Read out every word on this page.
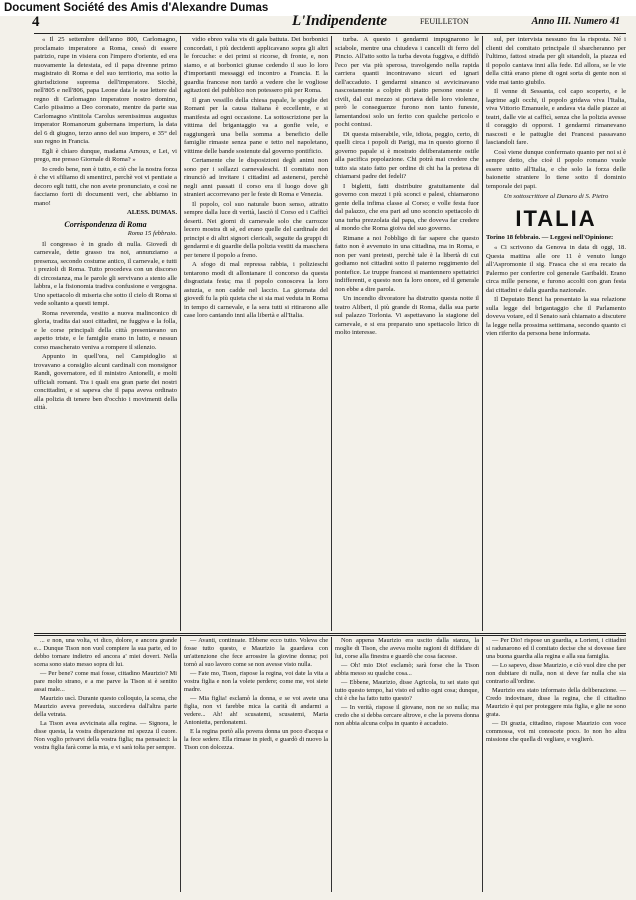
Document Société des Amis d'Alexandre Dumas
4	L'Indipendente	FEUILLETON	Anno III. Numero 41

« Il 25 settembre dell'anno 800, Carlomagno, proclamato imperatore a Roma, cessò di essere patrizio, rupe in visiera con l'impero d'oriente, ed era nuovamente la detestata, ed il papa divenne primo magistrato di Roma e del suo territorio, ma sotto la giurisdizione suprema dell'imperatore. Sicchè, nell'805 e nell'806, papa Leone data le sue lettere dal regno di Carlomagno imperatore nostro domino, Carlo piissimo a Deo coronato, mentre da parte sua Carlomagno s'intitola Carolus serenissimus augustus imperator Romanorum gubernans imperium, la data del 6 di giugno, terzo anno del suo impero, e 35° del suo regno in Francia.

Egli è chiaro dunque, madama Arnoux, e Lei, vi prego, me presso Giornale di Roma? »

Io credo bene, non è tutto, e ciò che la nostra forza è che vi sfiliamo di smentirci, perchè voi vi pentiate a decoro egli tutti, che non avete pronunciato, e così ne facciamo forti di documenti veri, che abbiamo in mano!

ALESS. DUMAS.
Corrispondenza di Roma
Roma 15 febbraio.

Il congresso è in grado di nulla. Giovedì di carnevale, dette grasso tra noi, annunziamo a presenza, secondo costume antico, il carnevale, e tutti i prezioli di Roma. Tutto procedeva con un discorso di circostanza, ma le parole gli servivano a stento alle labbra, e la fisionomia tradiva confusione e vergogna. Uno spettacolo di miseria che sotto il cielo di Roma si vede soltanto a questi tempi.

Roma reverenda, vestito a nuova malinconico di gloria, tradita dai suoi cittadini, ne fuggiva e la folla, e le corse principali della città presentavano un aspetto triste, e le famiglie erano in lutto, e nessun corso mascherato veniva a rompere il silenzio.

Appunto in quell'ora, nel Campidoglio si trovavano a consiglio alcuni cardinali con monsignor Randi, governatore, ed il ministro Antonelli, e molti ufficiali romani. Tra i quali era gran parte dei nostri concittadini, e si sapeva che il papa aveva ordinato alla polizia di tenere ben d'occhio i movimenti della città.

vidio ebreo valia vis di gala battuta. Dei borbonici concordati, i più decidenti applicavano sopra gli altri le forcuche: e dei primi si ricorse, di fronte, e, non siamo, e ai borbonici giunse cedendo il suo lo loro d'importanti messaggi ed incontro a Francia. E la guardia francese non tardò a vedere che le vogliose agitazioni del pubblico non potessero più per Roma.

Il gran vessillo della chiesa papale, le spoglie dei Romani per la causa italiana è eccellente, e si manifesta ad ogni occasione. La sottoscrizione per la vittima del brigantaggio va a gonfie vele, e raggiungerà una bella somma a beneficio delle famiglie rimaste senza pane e tetto nel napoletano, vittime delle bande sostenute dal governo pontificio.

Certamente che le disposizioni degli animi non sono per i sollazzi carnevaleschi. Il comitato non rinunciò ad invitare i cittadini ad astenersi, perchè negli anni passati il corso era il luogo dove gli stranieri accorrevano per le feste di Roma e Venezia.

Il popolo, col suo naturale buon senso, attratto sempre dalla luce di verità, lasciò il Corso ed i Cafficì deserti. Nei giorni di carnevale solo che carrozze lecero mostra di sè, ed erano quelle del cardinale dei principi e di altri signori clericali, seguite da gruppi di gendarmi e di guardie della polizia vestiti da maschera per tenere il popolo a freno.

A sfogo di mal repressa rabbia, i polizieschi tentarono modi di allontanare il concorso da questa disgraziata festa; ma il popolo conosceva la loro astuzia, e non cadde nel laccio. La giornata del giovedì fu la più quieta che si sia mai veduta in Roma in tempo di carnevale, e la sera tutti si ritirarono alle case loro cantando inni alla libertà e all'Italia.

turba. A questo i gendarmi impugnarono le sciabole, mentre una chiudeva i cancelli di ferro del Pincio. All'atto sotto la turba devota fuggiva, e diffidò l'eco per via più sperosa, travolgendo nella rapida carriera quanti incontravano sicuri ed ignari dell'accaduto. I gendarmi sinanco si avvicinavano nascostamente a colpire di piatto persone oneste e civili, dal cui mezzo si portava delle loro violenze, però le conseguenze furono non tanto funeste, lamentandosi solo un ferito con qualche pericolo e pochi contusi.

Di questa miserabile, vile, idiota, peggio, certo, di quelli circa i popoli di Parigi, ma in questo giorno il governo papale si è mostrato deliberatamente ostile alla pacifica popolazione. Chi potrà mai credere che tutto sia stato fatto per ordine di chi ha la pretesa di chiamarsi padre dei fedeli?

I bigletti, fatti distribuire gratuitamente dal governo con mezzi i più sconci e palesi, chiamarono gente della infima classe al Corso; e volle festa fuor dal palazzo, che era pari ad uno sconcio spettacolo di una turba prezzolata dal papa, che doveva far credere al mondo che Roma gioiva del suo governo.

Rimane a noi l'obbligo di far sapere che questo fatto non è avvenuto in una cittadina, ma in Roma, e non per vani pretesti, perchè tale è la libertà di cui godiamo noi cittadini sotto il paterno reggimento del pontefice. Le truppe francesi si mantennero spettatrici indifferenti, e questo non fa loro onore, ed il generale non ebbe a dire parola.

Un incendio divoratore ha distrutto questa notte il teatro Alibert, il più grande di Roma, dalla sua parte sul palazzo Torlonia. Vi aspettavano la stagione del carnevale, e si era preparato uno spettacolo lirico di molto interesse.

sul, per intervista nessuno fra la risposta. Né i clienti del comitato principale il sbarcheranno per l'ultimo, fattosi strada per gli sitandoli, la piazza ed il popolo cantava inni alla fede. Ed allora, se le vie della città erano piene di ogni sorta di gente non si vide mai tanto giubilo.

Il venne di Sessanta, col capo scoperto, e le lagrime agli occhi, il popolo gridava viva l'Italia, viva Vittorio Emanuele, e andava via dalle piazze ai teatri, dalle vie ai cafficì, senza che la polizia avesse il coraggio di opporsi. I gendarmi rimanevano nascosti e le pattuglie dei Francesi passavano lasciandoli fare.

Così viene dunque confermato quanto per noi si è sempre detto, che cioè il popolo romano vuole essere unito all'Italia, e che solo la forza delle baionette straniere lo tiene sotto il dominio temporale dei papi.

Un sottoscrittore al Danaro di S. Pietro
ITALIA
Torino 18 febbraio. — Leggesi nell'Opinione:

« Ci scrivono da Genova in data di oggi, 18. Questa mattina alle ore 11 è venuto lungo all'Aspromonte il sig. Frasca che si era recato da Palermo per conferire col generale Garibaldi. Erano circa mille persone, e furono accolti con gran festa dai cittadini e dalla guardia nazionale.

Il Deputato Benci ha presentato la sua relazione sulla legge del brigantaggio che il Parlamento doveva votare, ed il Senato sarà chiamato a discutere la legge nella prossima settimana, secondo quanto ci vien riferito da persona bene informata.

... e non, una volta, vi dico, dolore, e ancora grande e... Dunque Tison non vuol compiere la sua parte, ed io debbo tornare indietro ed ancora a' miei doveri. Nella scena sono stato messo sopra di lui.

— Per bene? come mai fosse, cittadino Maurizio? Mi pare molto strano, e a me parve la Tison si è sentito assai male...

Maurizio uscì. Durante questo colloquio, la scena, che Maurizio aveva preveduta, succedeva dall'altra parte della vetrata.

La Tison avea avvicinata alla regina. — Signora, le disse questa, la vostra disperazione mi spezza il cuore. Non voglio privarvi della vostra figlia; ma pensateci: la vostra figlia farà come la mia, e vi sarà tolta per sempre.

— Avanti, continuate. Ebbene ecco tutto. Voleva che fosse tutto questo, e Maurizio la guardava con un'attenzione che fece arrossire la giovine donna; poi tornò al suo lavoro come se non avesse visto nulla.

— Fate mo, Tison, rispose la regina, voi date la vita a vostra figlia e non la volete perdere; come me, voi siete madre.

— Mia figlia! esclamò la donna, e se voi avete una figlia, non vi farebbe mica la carità di andarmi a vedere... Ah! ah! scusatemi, scusatemi, Maria Antonietta, perdonatemi.

E la regina portò alla povera donna un poco d'acqua e la fece sedere. Ella rimase in piedi, e guardò di nuovo la Tison con dolcezza.

Non appena Maurizio era uscito dalla stanza, la moglie di Tison, che aveva molte ragioni di diffidare di lui, corse alla finestra e guardò che cosa facesse.

— Oh! mio Dio! esclamò; sarà forse che la Tison abbia messo su qualche cosa...

— Ebbene, Maurizio, disse Agricola, tu sei stato qui tutto questo tempo, hai visto ed udito ogni cosa; dunque, chi è che ha fatto tutto questo?

— In verità, rispose il giovane, non ne so nulla; ma credo che si debba cercare altrove, e che la povera donna non abbia alcuna colpa in quanto è accaduto.

— Per Dio! rispose un guardia, a Lorient, i cittadini si radunarono ed il comitato decise che si dovesse fare una buona guardia alla regina e alla sua famiglia.

— Lo sapevo, disse Maurizio, e ciò vuol dire che per non dubitare di nulla, non si deve far nulla che sia contrario all'ordine.

Maurizio era stato informato della deliberazione. — Credo indovinare, disse la regina, che il cittadino Maurizio è qui per proteggere mia figlia, e glie ne sono grata.

— Di grazia, cittadino, rispose Maurizio con voce commossa, voi mi conoscete poco. Io non ho altra missione che quella di vegliare, e veglierò.
